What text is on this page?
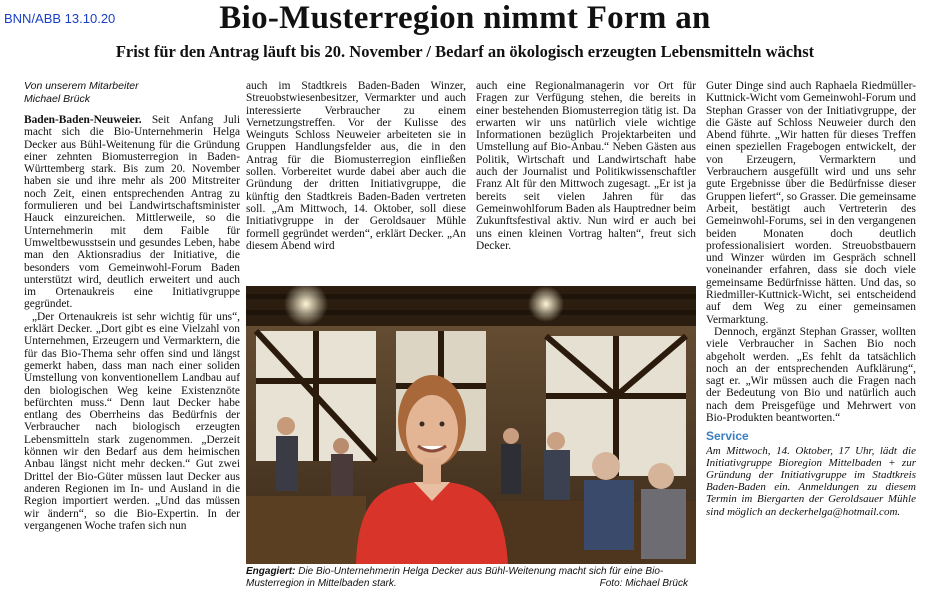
BNN/ABB 13.10.20	Bio-Musterregion nimmt Form an
Frist für den Antrag läuft bis 20. November / Bedarf an ökologisch erzeugten Lebensmitteln wächst
Von unserem Mitarbeiter
Michael Brück

Baden-Baden-Neuweier. Seit Anfang Juli macht sich die Bio-Unternehmerin Helga Decker aus Bühl-Weitenung für die Gründung einer zehnten Biomusterregion in Baden-Württemberg stark. Bis zum 20. November haben sie und ihre mehr als 200 Mitstreiter noch Zeit, einen entsprechenden Antrag zu formulieren und bei Landwirtschaftsminister Hauck einzureichen. Mittlerweile, so die Unternehmerin mit dem Faible für Umweltbewusstsein und gesundes Leben, habe man den Aktionsradius der Initiative, die besonders vom Gemeinwohl-Forum Baden unterstützt wird, deutlich erweitert und auch im Ortenaukreis eine Initiativgruppe gegründet.

„Der Ortenaukreis ist sehr wichtig für uns“, erklärt Decker. „Dort gibt es eine Vielzahl von Unternehmen, Erzeugern und Vermarktern, die für das Bio-Thema sehr offen sind und längst gemerkt haben, dass man nach einer soliden Umstellung von konventionellem Landbau auf den biologischen Weg keine Existenznöte befürchten muss.“ Denn laut Decker habe entlang des Oberrheins das Bedürfnis der Verbraucher nach biologisch erzeugten Lebensmitteln stark zugenommen. „Derzeit können wir den Bedarf aus dem heimischen Anbau längst nicht mehr decken.“ Gut zwei Drittel der Bio-Güter müssen laut Decker aus anderen Regionen im In- und Ausland in die Region importiert werden. „Und das müssen wir ändern“, so die Bio-Expertin. In der vergangenen Woche trafen sich nun

auch im Stadtkreis Baden-Baden Winzer, Streuobstwiesenbesitzer, Vermarkter und auch interessierte Verbraucher zu einem Vernetzungstreffen. Vor der Kulisse des Weinguts Schloss Neuweier arbeiteten sie in Gruppen Handlungsfelder aus, die in den Antrag für die Biomusterregion einfließen sollen. Vorbereitet wurde dabei aber auch die Gründung der dritten Initiativgruppe, die künftig den Stadtkreis Baden-Baden vertreten soll. „Am Mittwoch, 14. Oktober, soll diese Initiativgruppe in der Geroldsauer Mühle formell gegründet werden“, erklärt Decker. „An diesem Abend wird

auch eine Regionalmanagerin vor Ort für Fragen zur Verfügung stehen, die bereits in einer bestehenden Biomusterregion tätig ist. Da erwarten wir uns natürlich viele wichtige Informationen bezüglich Projektarbeiten und Umstellung auf Bio-Anbau.“ Neben Gästen aus Politik, Wirtschaft und Landwirtschaft habe auch der Journalist und Politikwissenschaftler Franz Alt für den Mittwoch zugesagt. „Er ist ja bereits seit vielen Jahren für das Gemeinwohlforum Baden als Hauptredner beim Zukunftsfestival aktiv. Nun wird er auch bei uns einen kleinen Vortrag halten“, freut sich Decker.

Guter Dinge sind auch Raphaela Riedmüller-Kuttnick-Wicht vom Gemeinwohl-Forum und Stephan Grasser von der Initiativgruppe, der die Gäste auf Schloss Neuweier durch den Abend führte. „Wir hatten für dieses Treffen einen speziellen Fragebogen entwickelt, der von Erzeugern, Vermarktern und Verbrauchern ausgefüllt wird und uns sehr gute Ergebnisse über die Bedürfnisse dieser Gruppen liefert“, so Grasser. Die gemeinsame Arbeit, bestätigt auch Vertreterin des Gemeinwohl-Forums, sei in den vergangenen beiden Monaten doch deutlich professionalisiert worden. Streuobstbauern und Winzer würden im Gespräch schnell voneinander erfahren, dass sie doch viele gemeinsame Bedürfnisse hätten. Und das, so Riedmiller-Kuttnick-Wicht, sei entscheidend auf dem Weg zu einer gemeinsamen Vermarktung.

Dennoch, ergänzt Stephan Grasser, wollten viele Verbraucher in Sachen Bio noch abgeholt werden. „Es fehlt da tatsächlich noch an der entsprechenden Aufklärung“, sagt er. „Wir müssen auch die Fragen nach der Bedeutung von Bio und natürlich auch nach dem Preisgefüge und Mehrwert von Bio-Produkten beantworten.“

Service
Am Mittwoch, 14. Oktober, 17 Uhr, lädt die Initiativgruppe Bioregion Mittelbaden + zur Gründung der Initiativgruppe im Stadtkreis Baden-Baden ein. Anmeldungen zu diesem Termin im Biergarten der Geroldsauer Mühle sind möglich an deckerhelga@hotmail.com.
Engagiert: Die Bio-Unternehmerin Helga Decker aus Bühl-Weitenung macht sich für eine Bio-Musterregion in Mittelbaden stark.	Foto: Michael Brück
